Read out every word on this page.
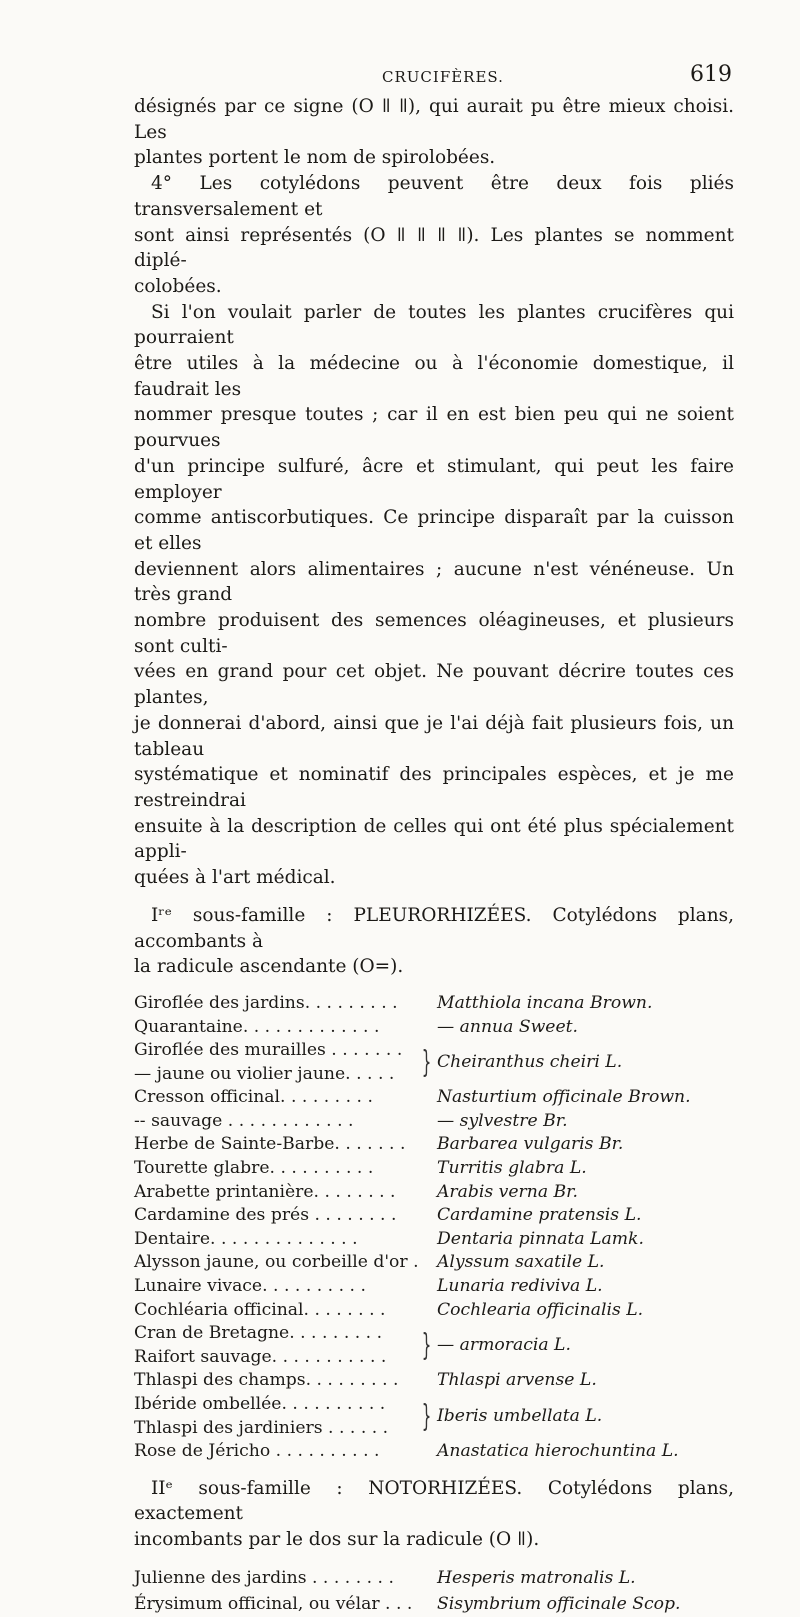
CRUCIFÈRES.	619

désignés par ce signe (O ǁ ǁ), qui aurait pu être mieux choisi. Les
plantes portent le nom de spirolobées.

4° Les cotylédons peuvent être deux fois pliés transversalement et
sont ainsi représentés (O ǁ ǁ ǁ ǁ). Les plantes se nomment diplé-
colobées.

Si l'on voulait parler de toutes les plantes crucifères qui pourraient
être utiles à la médecine ou à l'économie domestique, il faudrait les
nommer presque toutes ; car il en est bien peu qui ne soient pourvues
d'un principe sulfuré, âcre et stimulant, qui peut les faire employer
comme antiscorbutiques. Ce principe disparaît par la cuisson et elles
deviennent alors alimentaires ; aucune n'est vénéneuse. Un très grand
nombre produisent des semences oléagineuses, et plusieurs sont culti-
vées en grand pour cet objet. Ne pouvant décrire toutes ces plantes,
je donnerai d'abord, ainsi que je l'ai déjà fait plusieurs fois, un tableau
systématique et nominatif des principales espèces, et je me restreindrai
ensuite à la description de celles qui ont été plus spécialement appli-
quées à l'art médical.

Iʳᵉ sous-famille : PLEURORHIZÉES. Cotylédons plans, accombants à
la radicule ascendante (O=).

Giroflée des jardins. . . . . . . . . Matthiola incana Brown.
Quarantaine. . . . . . . . . . . . .	— annua Sweet.
Giroflée des murailles . . . . . . .
— jaune ou violier jaune. . . . . } Cheiranthus cheiri L.
Cresson officinal. . . . . . . . .	Nasturtium officinale Brown.
-- sauvage . . . . . . . . . . . .	— sylvestre Br.
Herbe de Sainte-Barbe. . . . . . . Barbarea vulgaris Br.
Tourette glabre. . . . . . . . . .	Turritis glabra L.
Arabette printanière. . . . . . . . Arabis verna Br.
Cardamine des prés . . . . . . . . Cardamine pratensis L.
Dentaire. . . . . . . . . . . . . .	Dentaria pinnata Lamk.
Alysson jaune, ou corbeille d'or . Alyssum saxatile L.
Lunaire vivace. . . . . . . . . .	Lunaria rediviva L.
Cochléaria officinal. . . . . . . .	Cochlearia officinalis L.
Cran de Bretagne. . . . . . . . .
Raifort sauvage. . . . . . . . . . . } — armoracia L.
Thlaspi des champs. . . . . . . . . Thlaspi arvense L.
Ibéride ombellée. . . . . . . . . .
Thlaspi des jardiniers . . . . . . } Iberis umbellata L.
Rose de Jéricho . . . . . . . . . .	Anastatica hierochuntina L.

IIᵉ sous-famille : NOTORHIZÉES. Cotylédons plans, exactement
incombants par le dos sur la radicule (O ǁ).

Julienne des jardins . . . . . . . .	Hesperis matronalis L.
Érysimum officinal, ou vélar . . . Sisymbrium officinale Scop.
